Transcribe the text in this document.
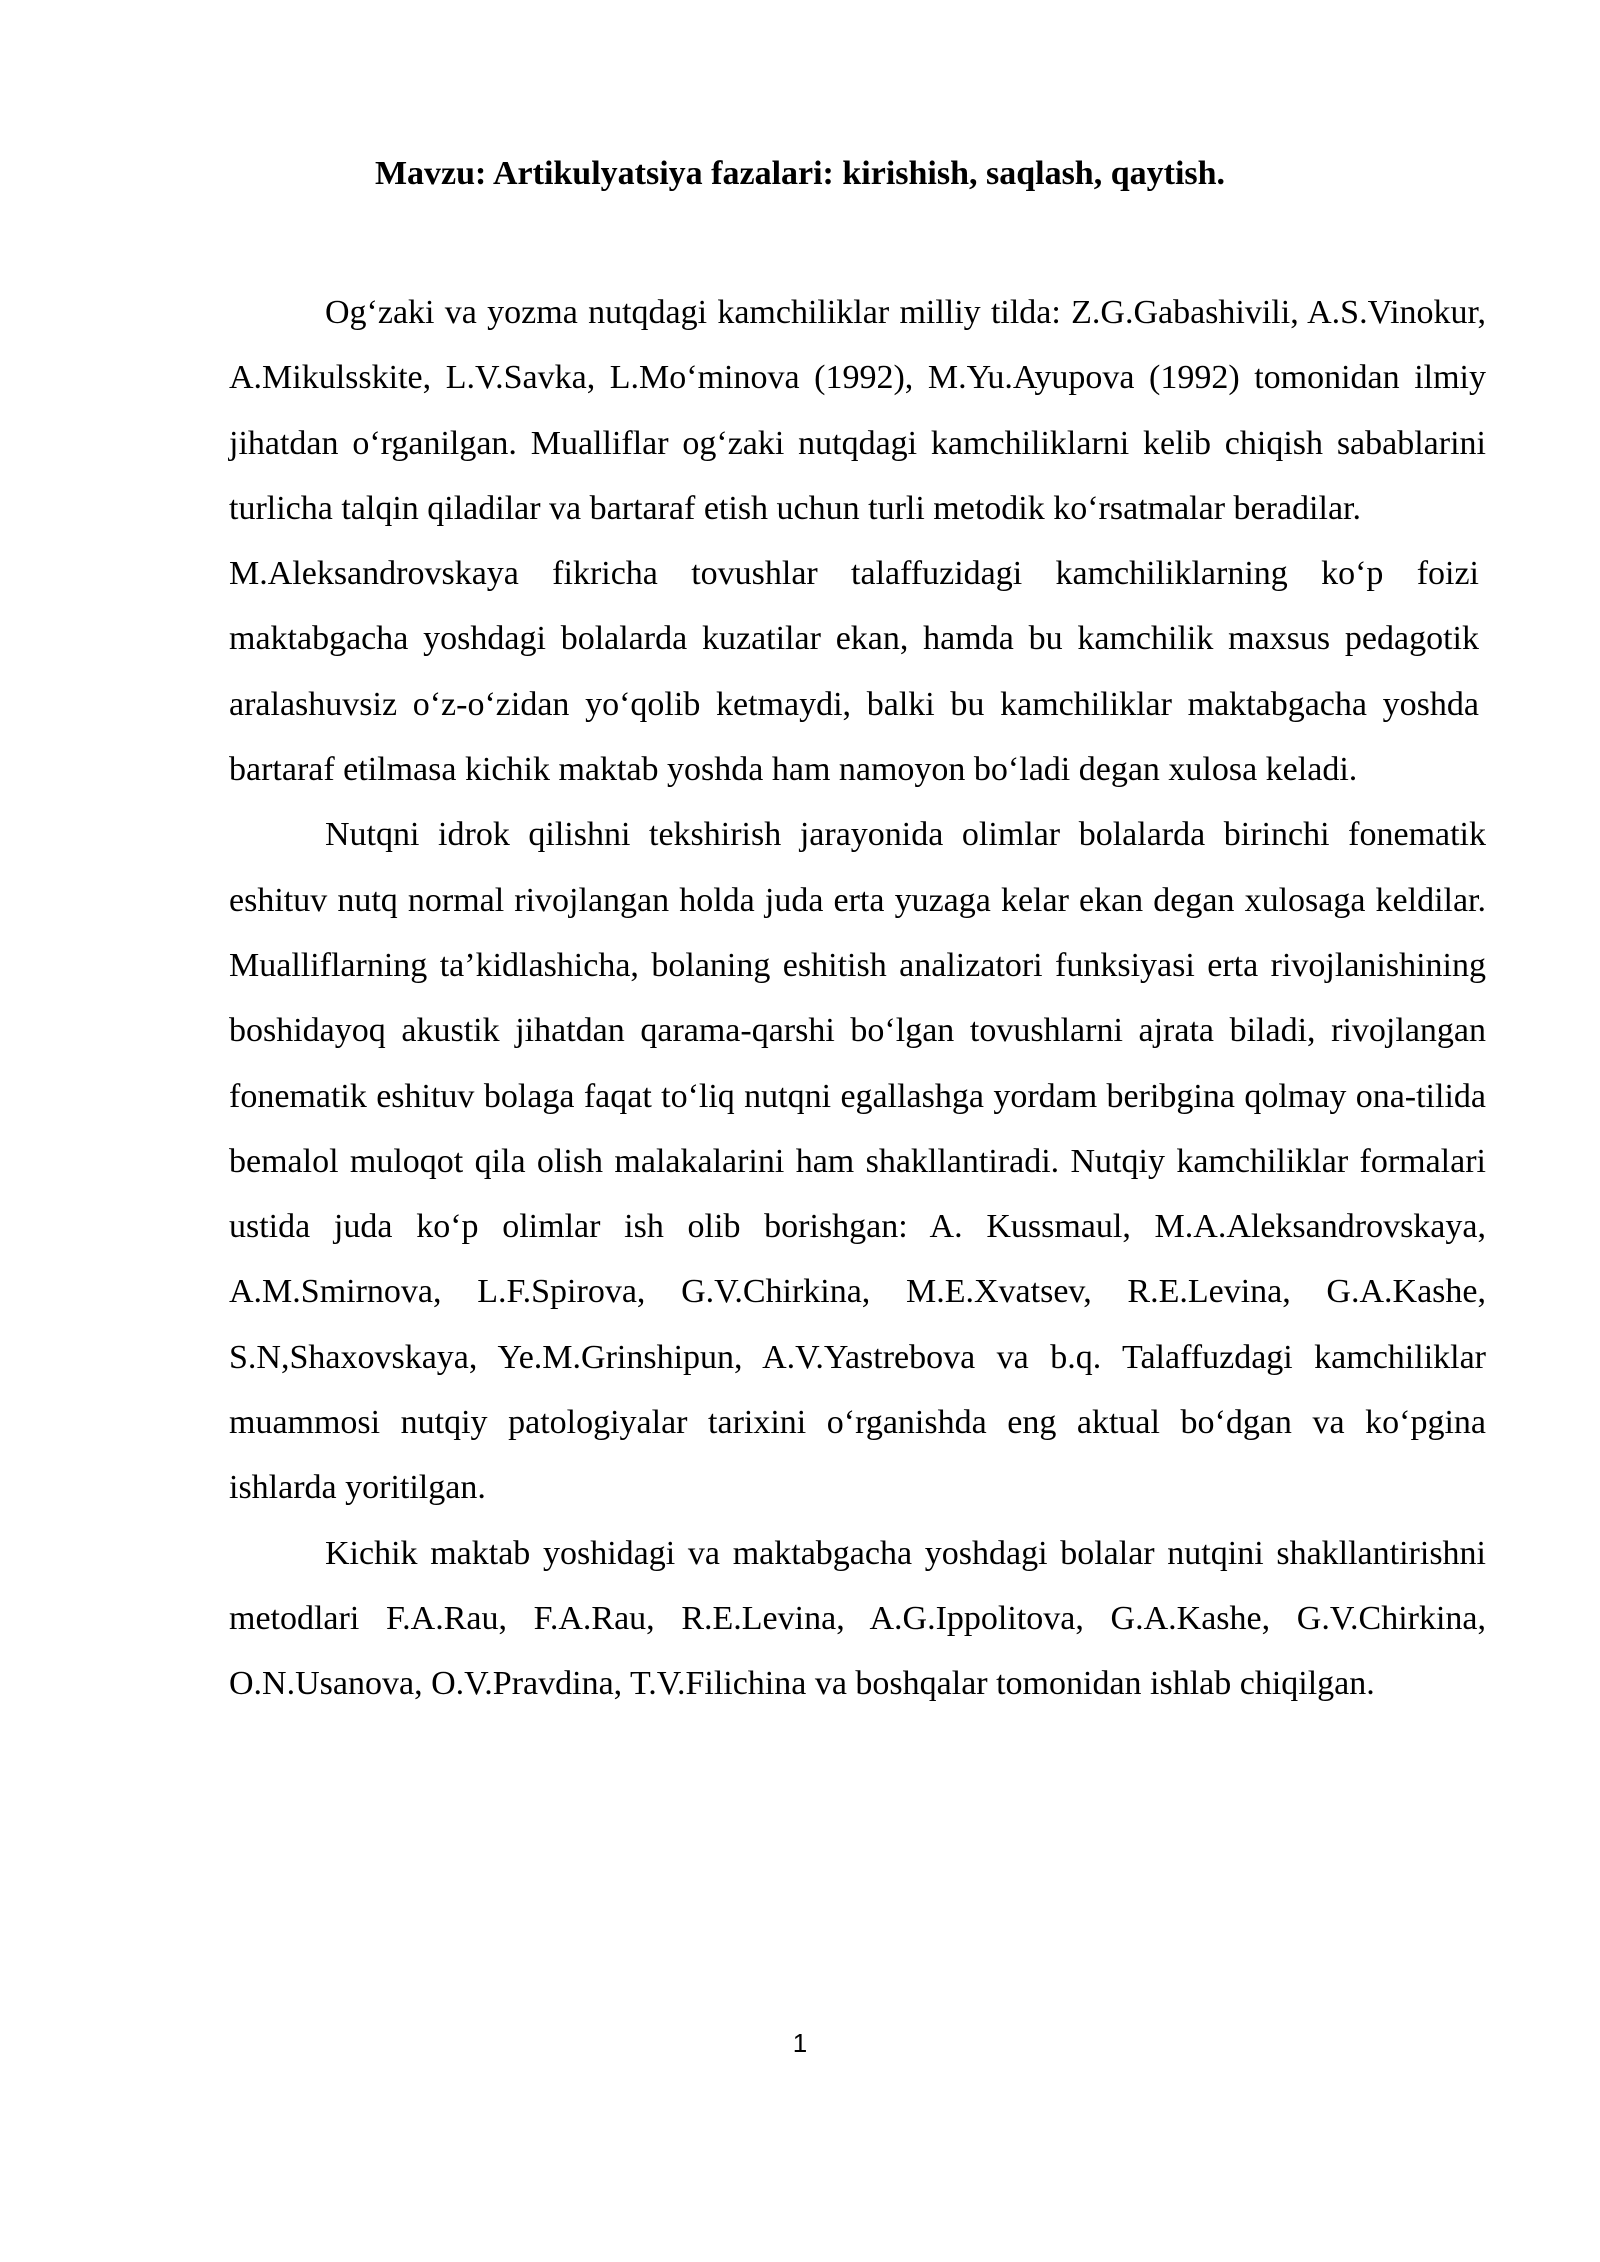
Mavzu: Artikulyatsiya fazalari: kirishish, saqlash, qaytish.

Og‘zaki va yozma nutqdagi kamchiliklar milliy tilda: Z.G.Gabashivili, A.S.Vinokur, A.Mikulsskite, L.V.Savka, L.Mo‘minova (1992), M.Yu.Ayupova (1992) tomonidan ilmiy jihatdan o‘rganilgan. Mualliflar og‘zaki nutqdagi kamchiliklarni kelib chiqish sabablarini turlicha talqin qiladilar va bartaraf etish uchun turli metodik ko‘rsatmalar beradilar.

M.Aleksandrovskaya fikricha tovushlar talaffuzidagi kamchiliklarning ko‘p foizi maktabgacha yoshdagi bolalarda kuzatilar ekan, hamda bu kamchilik maxsus pedagotik aralashuvsiz o‘z-o‘zidan yo‘qolib ketmaydi, balki bu kamchiliklar maktabgacha yoshda bartaraf etilmasa kichik maktab yoshda ham namoyon bo‘ladi degan xulosa keladi.

Nutqni idrok qilishni tekshirish jarayonida olimlar bolalarda birinchi fonematik eshituv nutq normal rivojlangan holda juda erta yuzaga kelar ekan degan xulosaga keldilar. Mualliflarning ta’kidlashicha, bolaning eshitish analizatori funksiyasi erta rivojlanishining boshidayoq akustik jihatdan qarama-qarshi bo‘lgan tovushlarni ajrata biladi, rivojlangan fonematik eshituv bolaga faqat to‘liq nutqni egallashga yordam beribgina qolmay ona-tilida bemalol muloqot qila olish malakalarini ham shakllantiradi. Nutqiy kamchiliklar formalari ustida juda ko‘p olimlar ish olib borishgan: A. Kussmaul, M.A.Aleksandrovskaya, A.M.Smirnova, L.F.Spirova, G.V.Chirkina, M.E.Xvatsev, R.E.Levina, G.A.Kashe, S.N,Shaxovskaya, Ye.M.Grinshipun, A.V.Yastrebova va b.q. Talaffuzdagi kamchiliklar muammosi nutqiy patologiyalar tarixini o‘rganishda eng aktual bo‘dgan va ko‘pgina ishlarda yoritilgan.

Kichik maktab yoshidagi va maktabgacha yoshdagi bolalar nutqini shakllantirishni metodlari F.A.Rau, F.A.Rau, R.E.Levina, A.G.Ippolitova, G.A.Kashe, G.V.Chirkina, O.N.Usanova, O.V.Pravdina, T.V.Filichina va boshqalar tomonidan ishlab chiqilgan.

1
